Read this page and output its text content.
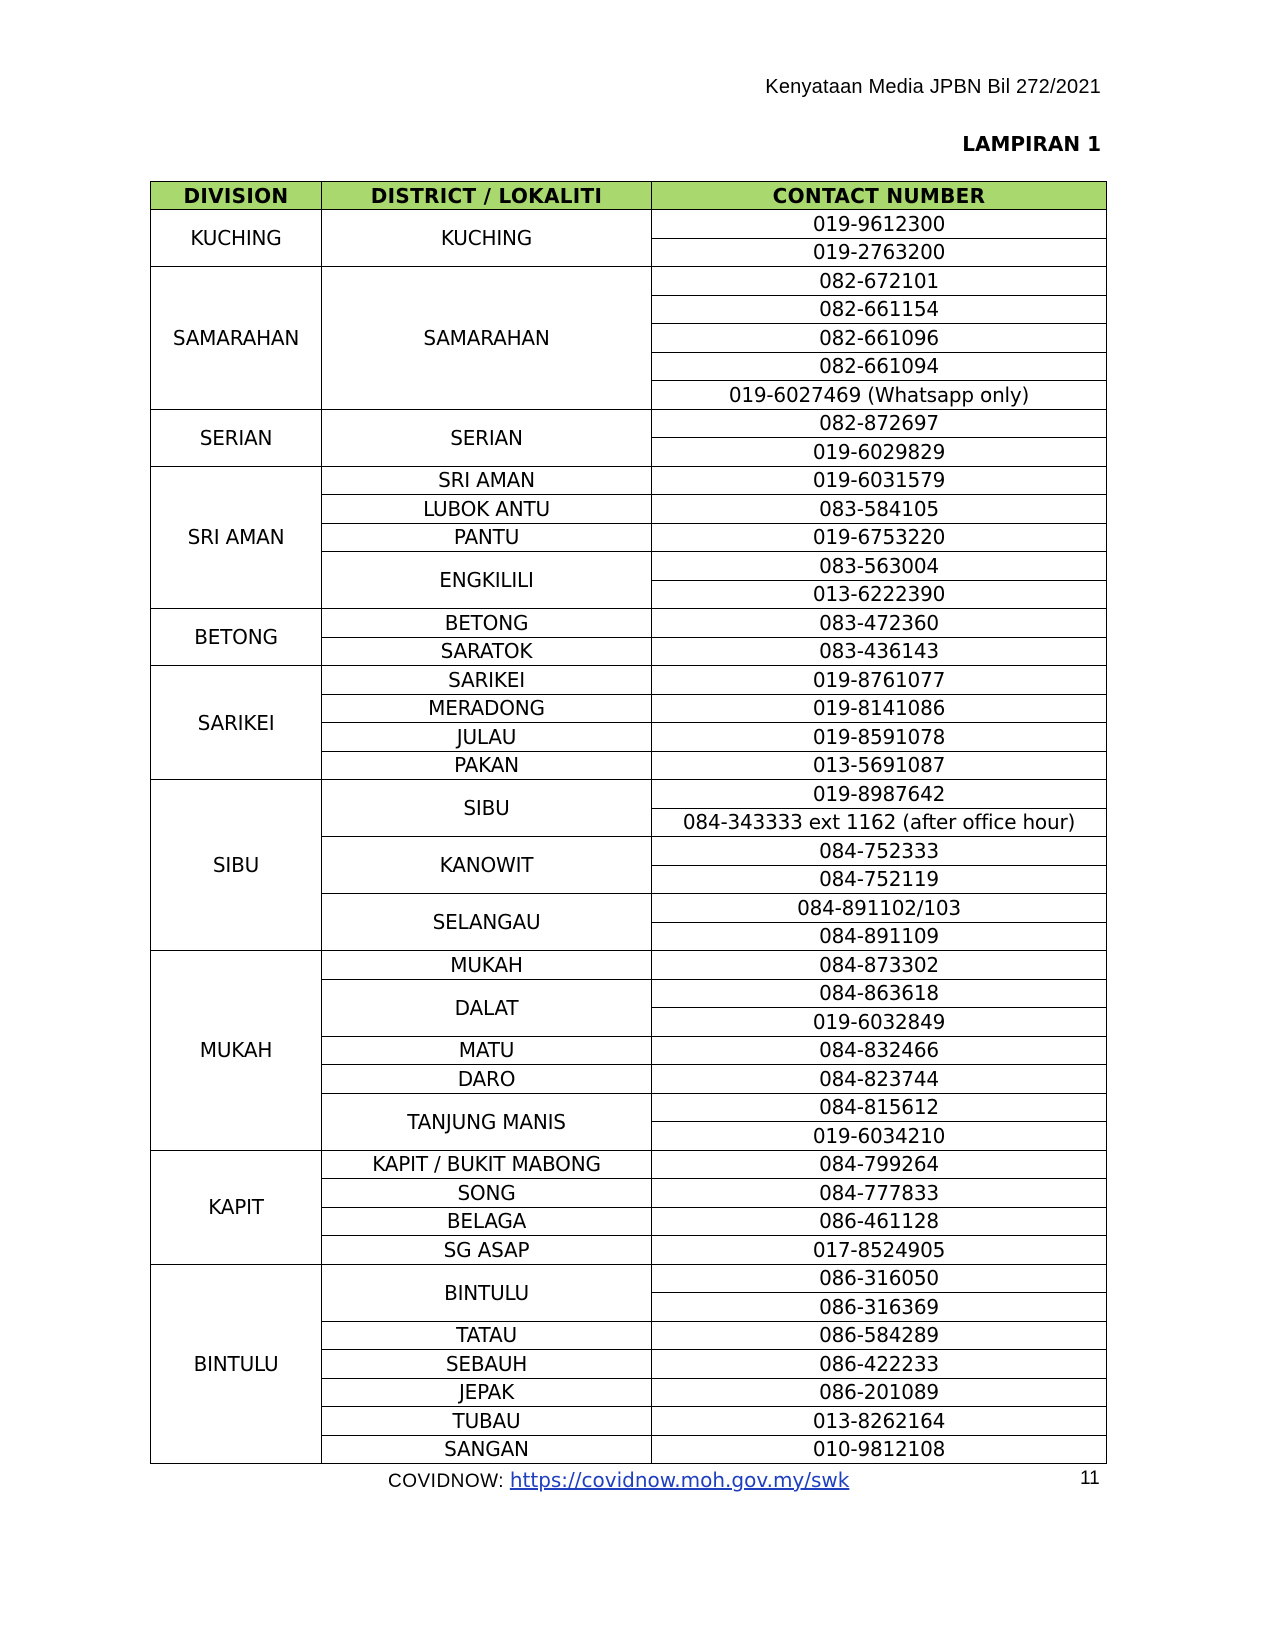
Kenyataan Media JPBN Bil 272/2021
LAMPIRAN 1
DIVISION	DISTRICT / LOKALITI	CONTACT NUMBER
KUCHING	KUCHING	019-9612300
		019-2763200
SAMARAHAN	SAMARAHAN	082-672101
		082-661154
		082-661096
		082-661094
		019-6027469 (Whatsapp only)
SERIAN	SERIAN	082-872697
		019-6029829
SRI AMAN	SRI AMAN	019-6031579
	LUBOK ANTU	083-584105
	PANTU	019-6753220
	ENGKILILI	083-563004
		013-6222390
BETONG	BETONG	083-472360
	SARATOK	083-436143
SARIKEI	SARIKEI	019-8761077
	MERADONG	019-8141086
	JULAU	019-8591078
	PAKAN	013-5691087
SIBU	SIBU	019-8987642
		084-343333 ext 1162 (after office hour)
	KANOWIT	084-752333
		084-752119
	SELANGAU	084-891102/103
		084-891109
MUKAH	MUKAH	084-873302
	DALAT	084-863618
		019-6032849
	MATU	084-832466
	DARO	084-823744
	TANJUNG MANIS	084-815612
		019-6034210
KAPIT	KAPIT / BUKIT MABONG	084-799264
	SONG	084-777833
	BELAGA	086-461128
	SG ASAP	017-8524905
BINTULU	BINTULU	086-316050
		086-316369
	TATAU	086-584289
	SEBAUH	086-422233
	JEPAK	086-201089
	TUBAU	013-8262164
	SANGAN	010-9812108
COVIDNOW: https://covidnow.moh.gov.my/swk	11
